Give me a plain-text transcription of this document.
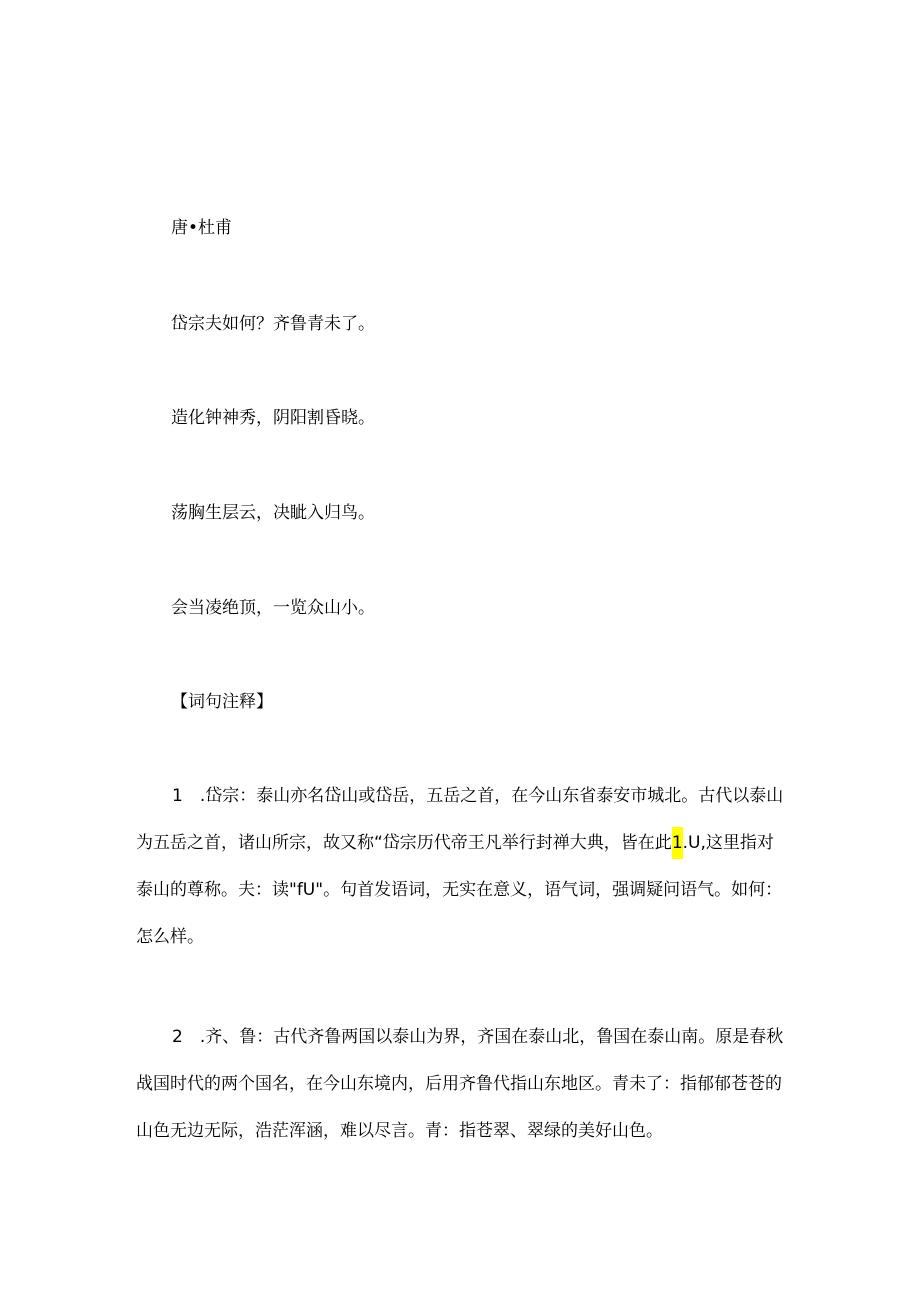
唐•杜甫

岱宗夫如何？齐鲁青未了。

造化钟神秀，阴阳割昏晓。

荡胸生层云，决眦入归鸟。

会当凌绝顶，一览众山小。

【词句注释】

1　.岱宗：泰山亦名岱山或岱岳，五岳之首，在今山东省泰安市城北。古代以泰山
为五岳之首，诸山所宗，故又称“岱宗历代帝王凡举行封禅大典，皆在此1.U,这里指对
泰山的尊称。夫：读"fU"。句首发语词，无实在意义，语气词，强调疑问语气。如何：
怎么样。
2　.齐、鲁：古代齐鲁两国以泰山为界，齐国在泰山北，鲁国在泰山南。原是春秋
战国时代的两个国名，在今山东境内，后用齐鲁代指山东地区。青未了：指郁郁苍苍的
山色无边无际，浩茫浑涵，难以尽言。青：指苍翠、翠绿的美好山色。
